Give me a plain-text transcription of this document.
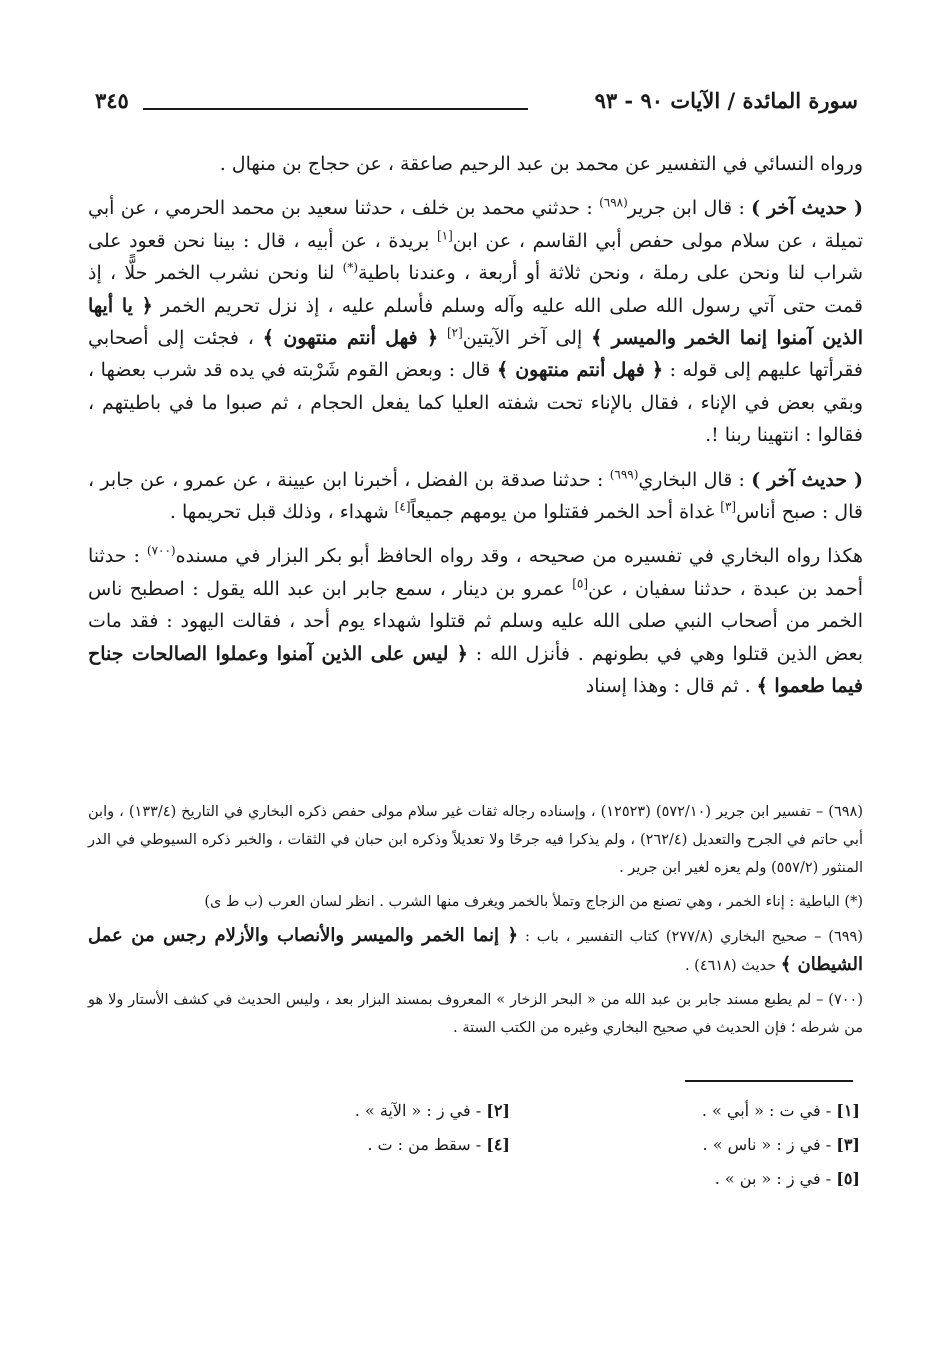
سورة المائدة / الآيات ٩٠ - ٩٣
٣٤٥

ورواه النسائي في التفسير عن محمد بن عبد الرحيم صاعقة ، عن حجاج بن منهال .

( حديث آخر ) : قال ابن جرير$^{(٦٩٨)}$ : حدثني محمد بن خلف ، حدثنا سعيد بن محمد الحرمي ، عن أبي تميلة ، عن سلام مولى حفص أبي القاسم ، عن ابن[١] بريدة ، عن أبيه ، قال : بينا نحن قعود على شراب لنا ونحن على رملة ، ونحن ثلاثة أو أربعة ، وعندنا باطية(*) لنا ونحن نشرب الخمر حلًّا ، إذ قمت حتى آتي رسول الله صلى الله عليه وآله وسلم فأسلم عليه ، إذ نزل تحريم الخمر ﴿ يا أيها الذين آمنوا إنما الخمر والميسر ﴾ إلى آخر الآيتين[٢] ﴿ فهل أنتم منتهون ﴾ ، فجئت إلى أصحابي فقرأتها عليهم إلى قوله : ﴿ فهل أنتم منتهون ﴾ قال : وبعض القوم شَرْبته في يده قد شرب بعضها ، وبقي بعض في الإناء ، فقال بالإناء تحت شفته العليا كما يفعل الحجام ، ثم صبوا ما في باطيتهم ، فقالوا : انتهينا ربنا !.

( حديث آخر ) : قال البخاري$^{(٦٩٩)}$ : حدثنا صدقة بن الفضل ، أخبرنا ابن عيينة ، عن عمرو ، عن جابر ، قال : صبح أناس[٣] غداة أحد الخمر فقتلوا من يومهم جميعاً[٤] شهداء ، وذلك قبل تحريمها .

هكذا رواه البخاري في تفسيره من صحيحه ، وقد رواه الحافظ أبو بكر البزار في مسنده$^{(٧٠٠)}$ : حدثنا أحمد بن عبدة ، حدثنا سفيان ، عن[٥] عمرو بن دينار ، سمع جابر ابن عبد الله يقول : اصطبح ناس الخمر من أصحاب النبي صلى الله عليه وسلم ثم قتلوا شهداء يوم أحد ، فقالت اليهود : فقد مات بعض الذين قتلوا وهي في بطونهم . فأنزل الله : ﴿ ليس على الذين آمنوا وعملوا الصالحات جناح فيما طعموا ﴾ . ثم قال : وهذا إسناد

(٦٩٨) – تفسير ابن جرير (٥٧٢/١٠) (١٢٥٢٣) ، وإسناده رجاله ثقات غير سلام مولى حفص ذكره البخاري في التاريخ (١٣٣/٤) ، وابن أبي حاتم في الجرح والتعديل (٢٦٢/٤) ، ولم يذكرا فيه جرحًا ولا تعديلاً وذكره ابن حبان في الثقات ، والخبر ذكره السيوطي في الدر المنثور (٥٥٧/٢) ولم يعزه لغير ابن جرير .

(*) الباطية : إناء الخمر ، وهي تصنع من الزجاج وتملأ بالخمر ويغرف منها الشرب . انظر لسان العرب (ب ط ى)

(٦٩٩) – صحيح البخاري (٢٧٧/٨) كتاب التفسير ، باب : ﴿ إنما الخمر والميسر والأنصاب والأزلام رجس من عمل الشيطان ﴾ حديث (٤٦١٨) .

(٧٠٠) – لم يطبع مسند جابر بن عبد الله من « البحر الزخار » المعروف بمسند البزار بعد ، وليس الحديث في كشف الأستار ولا هو من شرطه ؛ فإن الحديث في صحيح البخاري وغيره من الكتب الستة .

[١] - في ت : « أبي » .
[٢] - في ز : « الآية » .
[٣] - في ز : « ناس » .
[٤] - سقط من : ت .
[٥] - في ز : « بن » .
